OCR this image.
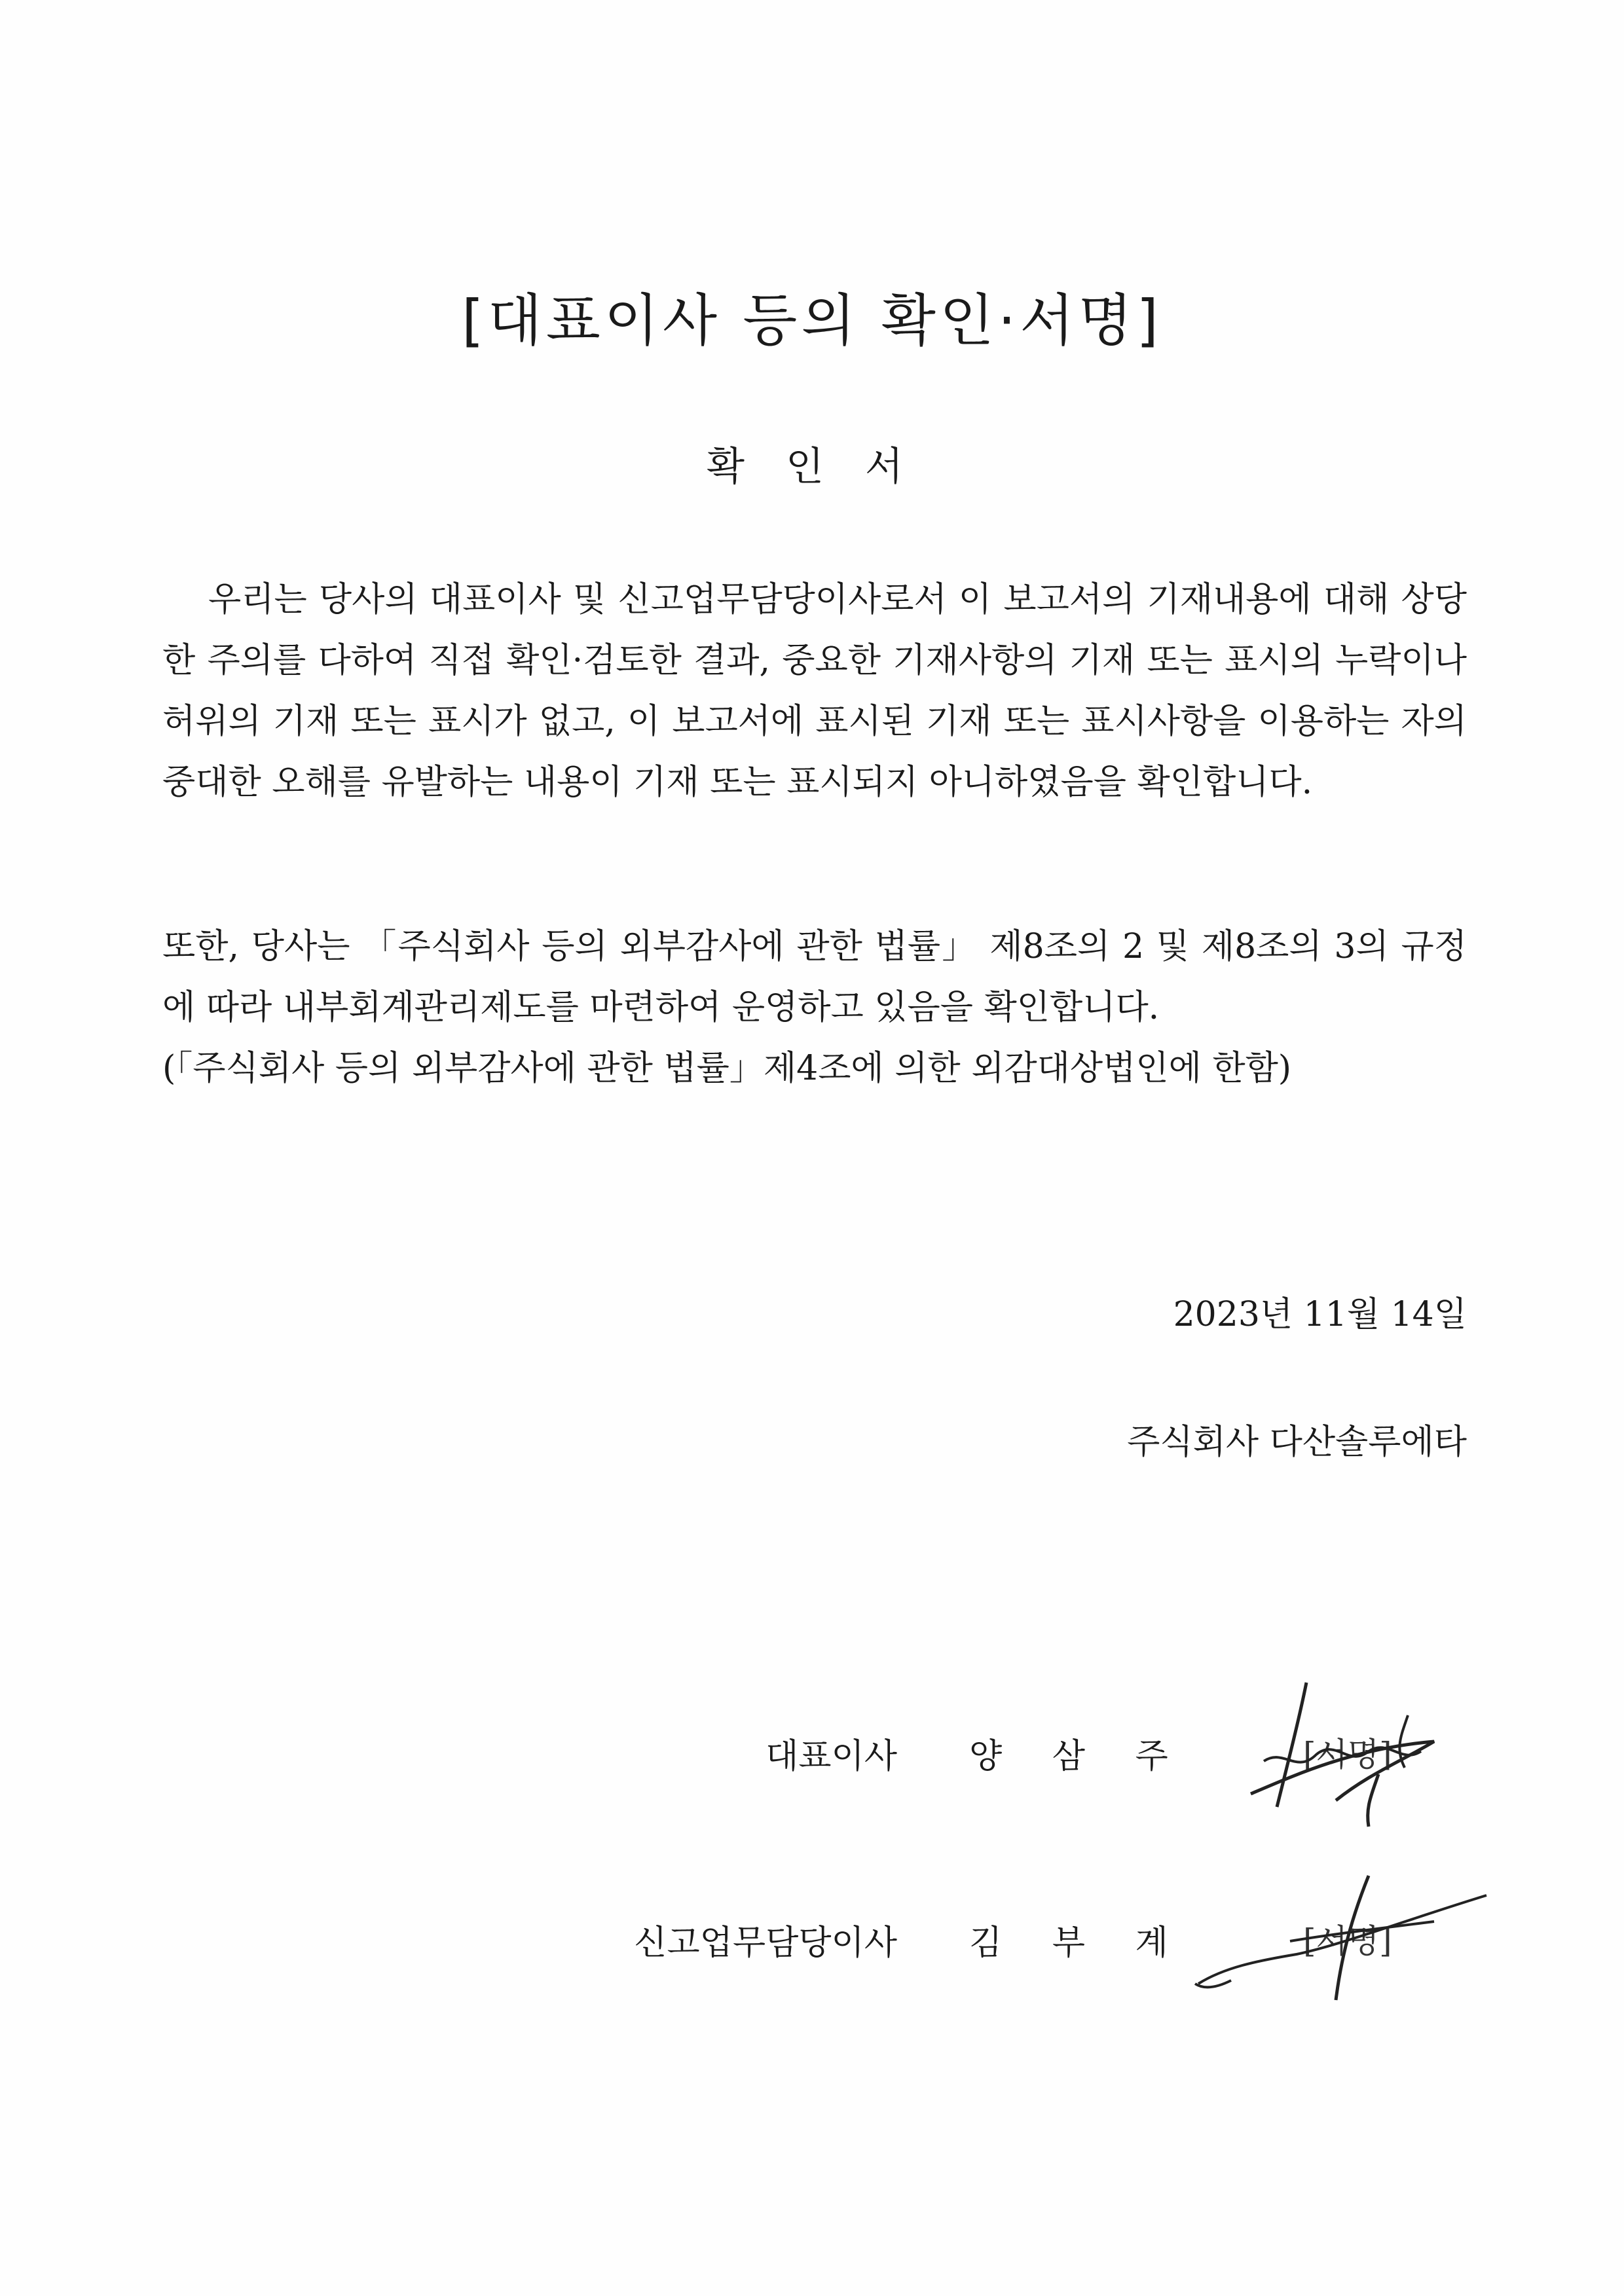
[대표이사 등의 확인·서명]
확 인 서
우리는 당사의 대표이사 및 신고업무담당이사로서 이 보고서의 기재내용에 대해 상당한 주의를 다하여 직접 확인·검토한 결과, 중요한 기재사항의 기재 또는 표시의 누락이나 허위의 기재 또는 표시가 없고, 이 보고서에 표시된 기재 또는 표시사항을 이용하는 자의 중대한 오해를 유발하는 내용이 기재 또는 표시되지 아니하였음을 확인합니다.
또한, 당사는 「주식회사 등의 외부감사에 관한 법률」 제8조의 2 및 제8조의 3의 규정에 따라 내부회계관리제도를 마련하여 운영하고 있음을 확인합니다.
(「주식회사 등의 외부감사에 관한 법률」제4조에 의한 외감대상법인에 한함)
2023년 11월 14일
주식회사 다산솔루에타
대표이사 양 삼 주	[서명]
신고업무담당이사 김 부 계	[서명]
